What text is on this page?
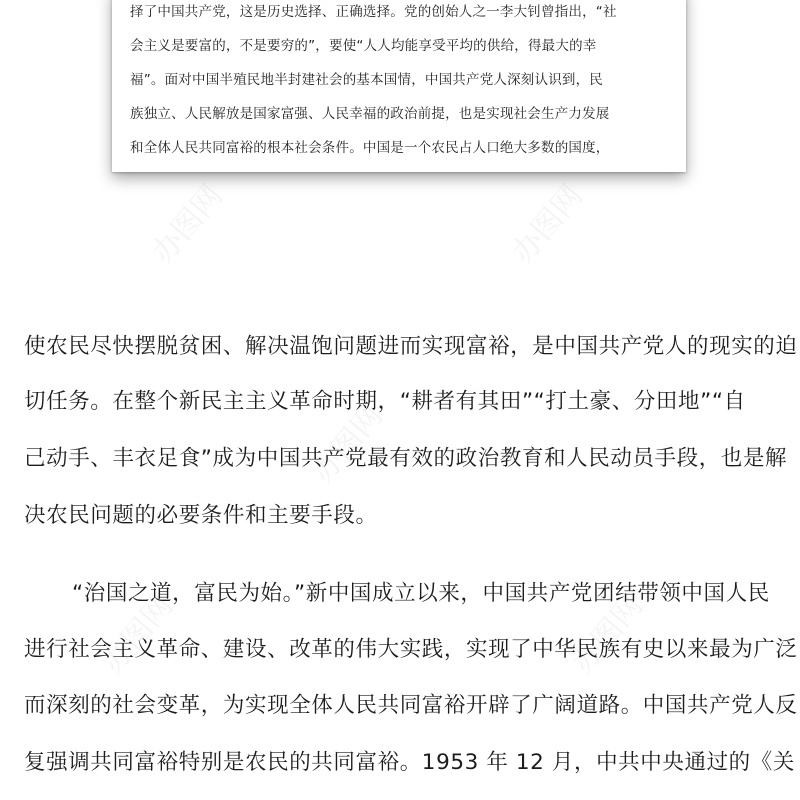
择了中国共产党，这是历史选择、正确选择。党的创始人之一李大钊曾指出，“社
会主义是要富的，不是要穷的”，要使“人人均能享受平均的供给，得最大的幸
福”。面对中国半殖民地半封建社会的基本国情，中国共产党人深刻认识到，民
族独立、人民解放是国家富强、人民幸福的政治前提，也是实现社会生产力发展
和全体人民共同富裕的根本社会条件。中国是一个农民占人口绝大多数的国度，
办图网	办图网
办图网
办图网	办图网
使农民尽快摆脱贫困、解决温饱问题进而实现富裕，是中国共产党人的现实的迫
切任务。在整个新民主主义革命时期，“耕者有其田”“打土豪、分田地”“自
己动手、丰衣足食”成为中国共产党最有效的政治教育和人民动员手段，也是解
决农民问题的必要条件和主要手段。
“治国之道，富民为始。”新中国成立以来，中国共产党团结带领中国人民
进行社会主义革命、建设、改革的伟大实践，实现了中华民族有史以来最为广泛
而深刻的社会变革，为实现全体人民共同富裕开辟了广阔道路。中国共产党人反
复强调共同富裕特别是农民的共同富裕。1953 年 12 月，中共中央通过的《关
